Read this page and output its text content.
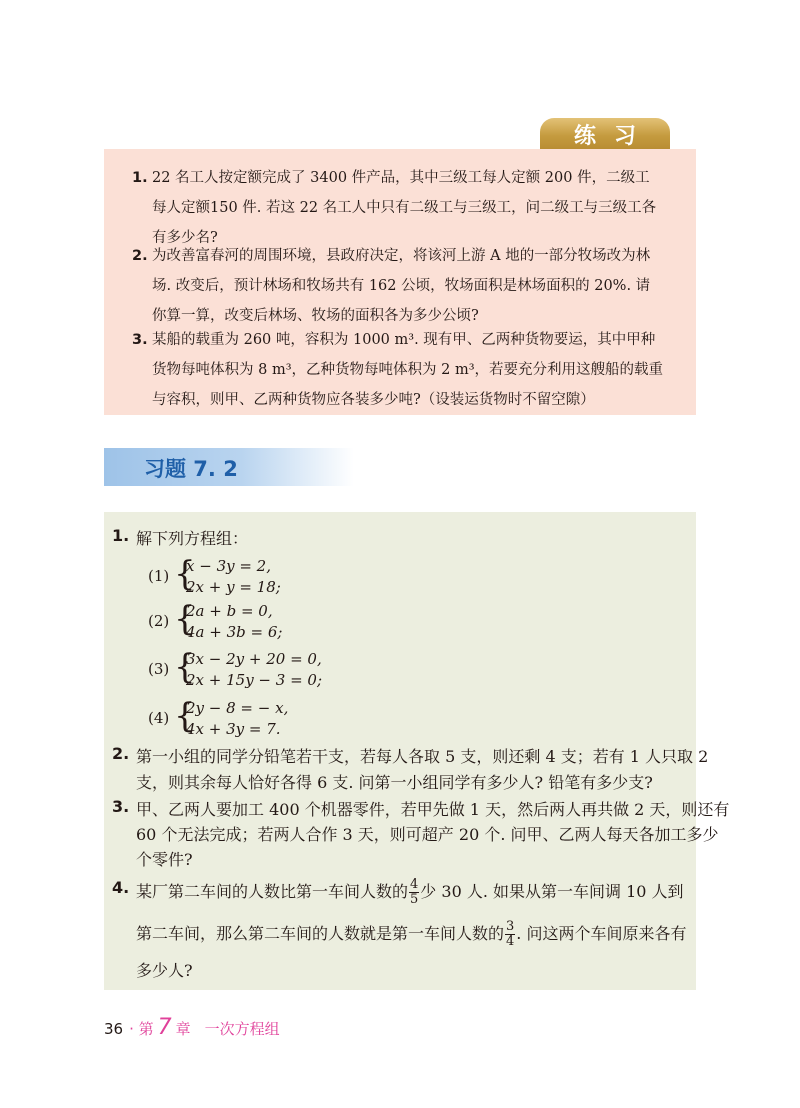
练习
1. 22 名工人按定额完成了 3400 件产品，其中三级工每人定额 200 件，二级工每人定额150 件. 若这 22 名工人中只有二级工与三级工，问二级工与三级工各有多少名?
2. 为改善富春河的周围环境，县政府决定，将该河上游 A 地的一部分牧场改为林场. 改变后，预计林场和牧场共有 162 公顷，牧场面积是林场面积的 20%. 请你算一算，改变后林场、牧场的面积各为多少公顷?
3. 某船的载重为 260 吨，容积为 1000 m³. 现有甲、乙两种货物要运，其中甲种货物每吨体积为 8 m³，乙种货物每吨体积为 2 m³，若要充分利用这艘船的载重与容积，则甲、乙两种货物应各装多少吨?（设装运货物时不留空隙）
习题 7. 2
1. 解下列方程组：
(1) {
x − 3y = 2,
2x + y = 18;
(2) {
2a + b = 0,
4a + 3b = 6;
(3) {
3x − 2y + 20 = 0,
2x + 15y − 3 = 0;
(4) {
2y − 8 = − x,
4x + 3y = 7.
2. 第一小组的同学分铅笔若干支，若每人各取 5 支，则还剩 4 支；若有 1 人只取 2
支，则其余每人恰好各得 6 支. 问第一小组同学有多少人? 铅笔有多少支?
3. 甲、乙两人要加工 400 个机器零件，若甲先做 1 天，然后两人再共做 2 天，则还有
60 个无法完成；若两人合作 3 天，则可超产 20 个. 问甲、乙两人每天各加工多少
个零件?
4. 某厂第二车间的人数比第一车间人数的 $\frac{4}{5}$ 少 30 人. 如果从第一车间调 10 人到
第二车间，那么第二车间的人数就是第一车间人数的 $\frac{3}{4}$ . 问这两个车间原来各有
多少人?
36 · 第 7 章 一次方程组
